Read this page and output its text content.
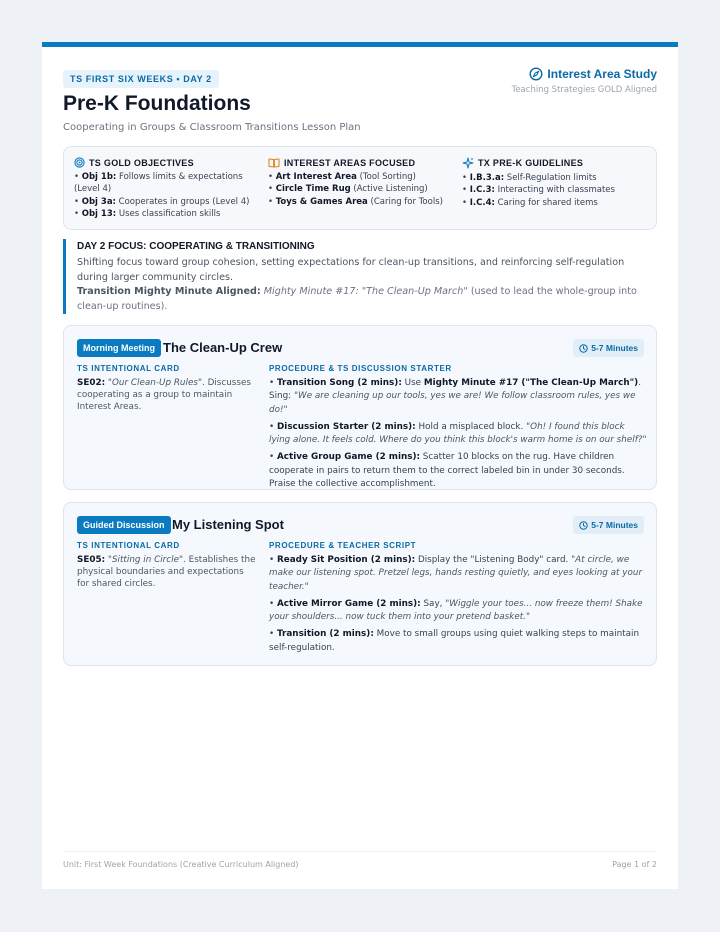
TS FIRST SIX WEEKS • DAY 2	Interest Area Study
Teaching Strategies GOLD Aligned
Pre-K Foundations
Cooperating in Groups & Classroom Transitions Lesson Plan
TS GOLD OBJECTIVES
• Obj 1b: Follows limits & expectations (Level 4)
• Obj 3a: Cooperates in groups (Level 4)
• Obj 13: Uses classification skills
INTEREST AREAS FOCUSED
• Art Interest Area (Tool Sorting)
• Circle Time Rug (Active Listening)
• Toys & Games Area (Caring for Tools)
TX PRE-K GUIDELINES
• I.B.3.a: Self-Regulation limits
• I.C.3: Interacting with classmates
• I.C.4: Caring for shared items
DAY 2 FOCUS: COOPERATING & TRANSITIONING
Shifting focus toward group cohesion, setting expectations for clean-up transitions, and reinforcing self-regulation during larger community circles.
Transition Mighty Minute Aligned: Mighty Minute #17: "The Clean-Up March" (used to lead the whole-group into clean-up routines).
Morning Meeting The Clean-Up Crew	5-7 Minutes
TS INTENTIONAL CARD	PROCEDURE & TS DISCUSSION STARTER
SE02: "Our Clean-Up Rules". Discusses cooperating as a group to maintain Interest Areas.
• Transition Song (2 mins): Use Mighty Minute #17 ("The Clean-Up March"). Sing: "We are cleaning up our tools, yes we are! We follow classroom rules, yes we do!"
• Discussion Starter (2 mins): Hold a misplaced block. "Oh! I found this block lying alone. It feels cold. Where do you think this block's warm home is on our shelf?"
• Active Group Game (2 mins): Scatter 10 blocks on the rug. Have children cooperate in pairs to return them to the correct labeled bin in under 30 seconds. Praise the collective accomplishment.
Guided Discussion My Listening Spot	5-7 Minutes
TS INTENTIONAL CARD	PROCEDURE & TEACHER SCRIPT
SE05: "Sitting in Circle". Establishes the physical boundaries and expectations for shared circles.
• Ready Sit Position (2 mins): Display the "Listening Body" card. "At circle, we make our listening spot. Pretzel legs, hands resting quietly, and eyes looking at your teacher."
• Active Mirror Game (2 mins): Say, "Wiggle your toes... now freeze them! Shake your shoulders... now tuck them into your pretend basket."
• Transition (2 mins): Move to small groups using quiet walking steps to maintain self-regulation.
Unit: First Week Foundations (Creative Curriculum Aligned)	Page 1 of 2
